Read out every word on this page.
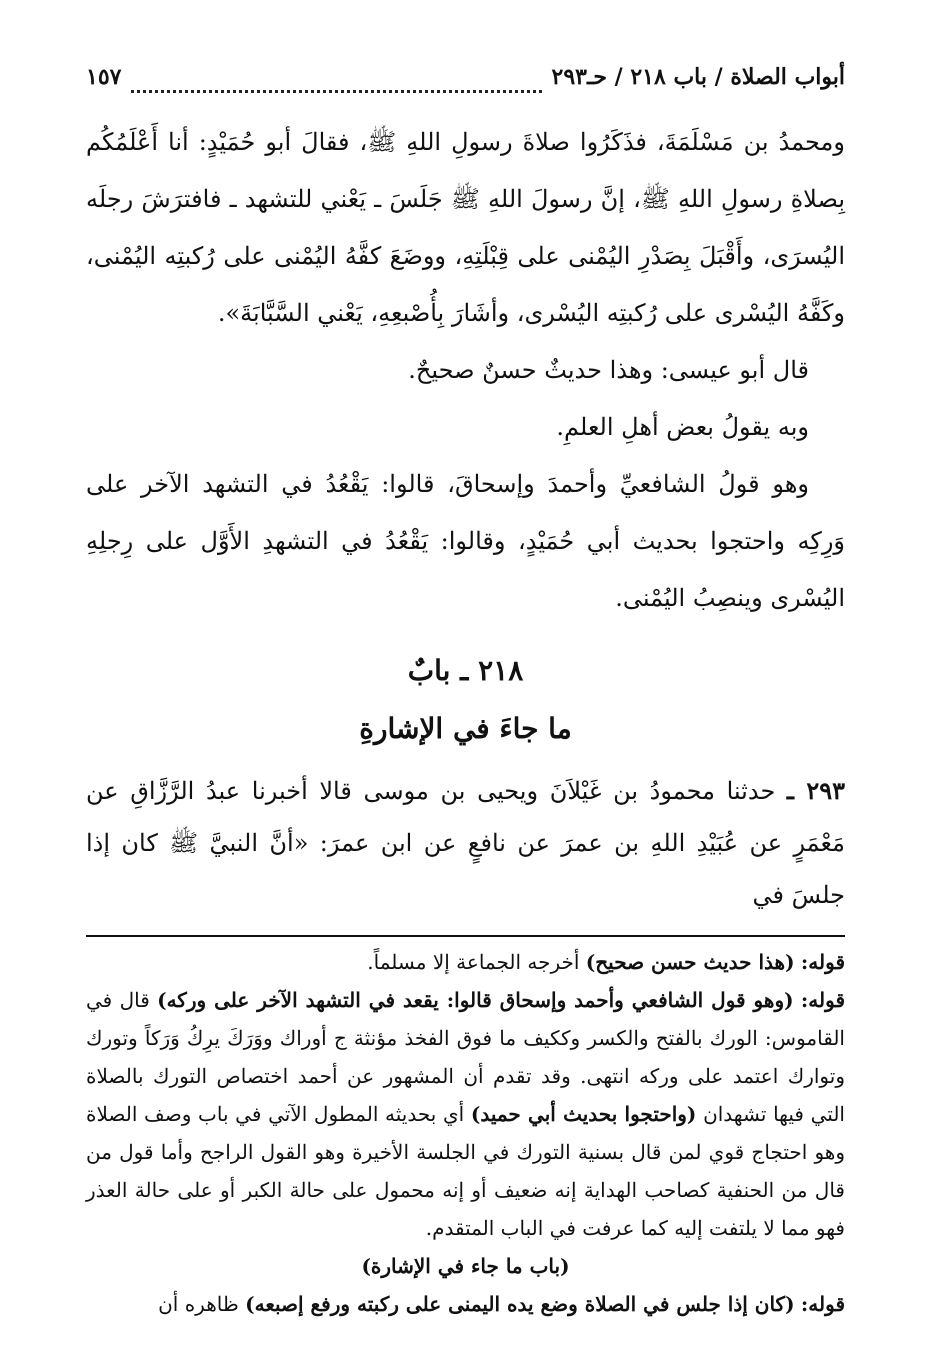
أبواب الصلاة / باب ٢١٨ / حـ٢٩٣
١٥٧

ومحمدُ بن مَسْلَمَةَ، فذَكَرُوا صلاةَ رسولِ اللهِ ﷺ، فقالَ أبو حُمَيْدٍ: أنا أَعْلَمُكُم بِصلاةِ رسولِ اللهِ ﷺ، إنَّ رسولَ اللهِ ﷺ جَلَسَ ـ يَعْني للتشهد ـ فافترَشَ رجلَه اليُسرَى، وأَقْبَلَ بِصَدْرِ اليُمْنى على قِبْلَتِهِ، ووضَعَ كفَّهُ اليُمْنى على رُكبتِه اليُمْنى، وكَفَّهُ اليُسْرى على رُكبتِه اليُسْرى، وأشَارَ بِأُصْبعِهِ، يَعْني السَّبَّابَةَ».

قال أبو عيسى: وهذا حديثٌ حسنٌ صحيحٌ.

وبه يقولُ بعض أهلِ العلمِ.

وهو قولُ الشافعيِّ وأحمدَ وإسحاقَ، قالوا: يَقْعُدُ في التشهد الآخر على وَرِكِه واحتجوا بحديث أبي حُمَيْدٍ، وقالوا: يَقْعُدُ في التشهدِ الأَوَّل على رِجلِهِ اليُسْرى وينصِبُ اليُمْنى.

٢١٨ ـ بابٌ
ما جاءَ في الإشارةِ

٢٩٣ ـ حدثنا محمودُ بن غَيْلاَنَ ويحيى بن موسى قالا أخبرنا عبدُ الرَّزَّاقِ عن مَعْمَرٍ عن عُبَيْدِ اللهِ بن عمرَ عن نافعٍ عن ابن عمرَ: «أنَّ النبيَّ ﷺ كان إذا جلسَ في

قوله: (هذا حديث حسن صحيح) أخرجه الجماعة إلا مسلماً.

قوله: (وهو قول الشافعي وأحمد وإسحاق قالوا: يقعد في التشهد الآخر على وركه) قال في القاموس: الورك بالفتح والكسر وككيف ما فوق الفخذ مؤنثة ج أوراك ووَرَكَ يرِكُ وَرَكاً وتورك وتوارك اعتمد على وركه انتهى. وقد تقدم أن المشهور عن أحمد اختصاص التورك بالصلاة التي فيها تشهدان (واحتجوا بحديث أبي حميد) أي بحديثه المطول الآتي في باب وصف الصلاة وهو احتجاج قوي لمن قال بسنية التورك في الجلسة الأخيرة وهو القول الراجح وأما قول من قال من الحنفية كصاحب الهداية إنه ضعيف أو إنه محمول على حالة الكبر أو على حالة العذر فهو مما لا يلتفت إليه كما عرفت في الباب المتقدم.

(باب ما جاء في الإشارة)

قوله: (كان إذا جلس في الصلاة وضع يده اليمنى على ركبته ورفع إصبعه) ظاهره أن
